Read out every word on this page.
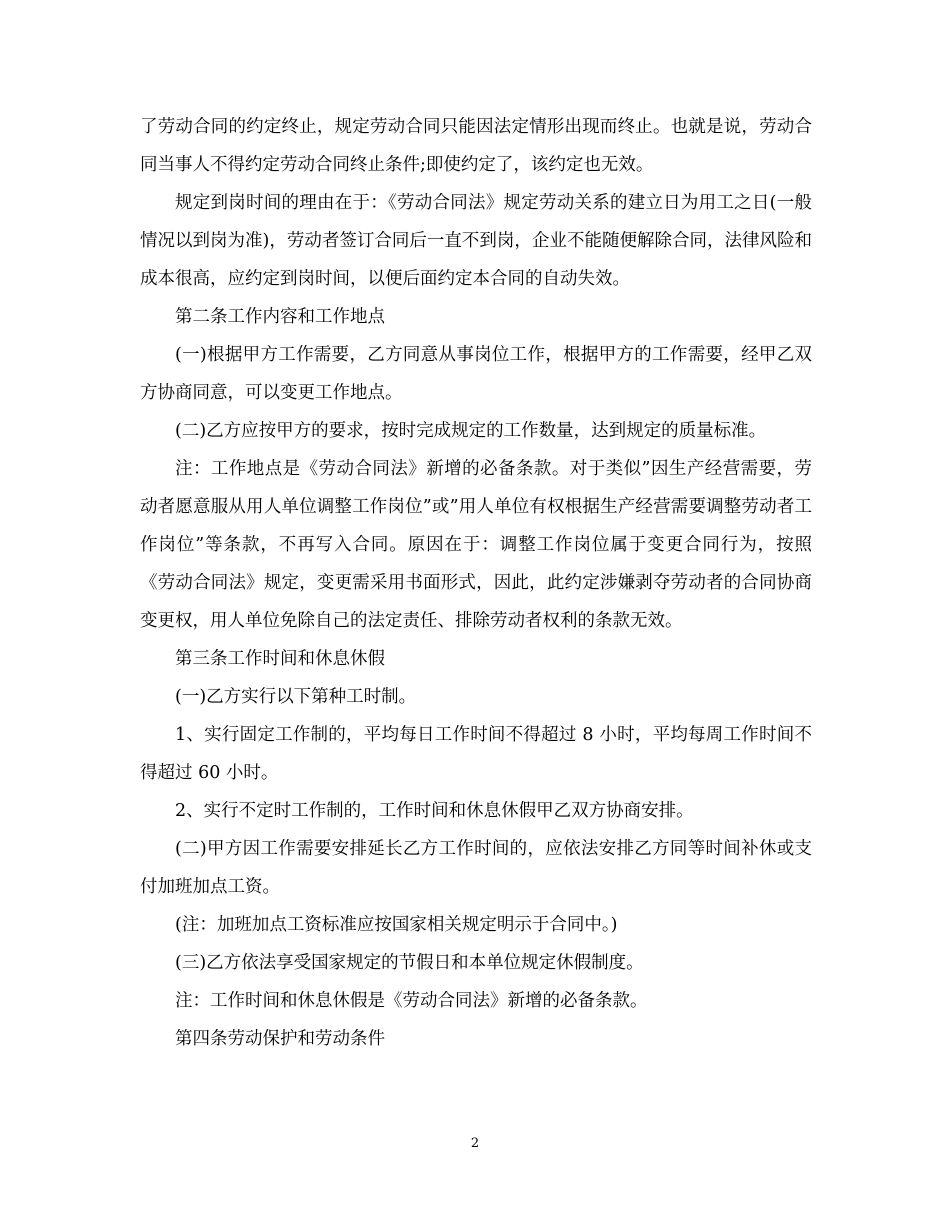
了劳动合同的约定终止，规定劳动合同只能因法定情形出现而终止。也就是说，劳动合同当事人不得约定劳动合同终止条件;即使约定了，该约定也无效。

规定到岗时间的理由在于：《劳动合同法》规定劳动关系的建立日为用工之日(一般情况以到岗为准)，劳动者签订合同后一直不到岗，企业不能随便解除合同，法律风险和成本很高，应约定到岗时间，以便后面约定本合同的自动失效。

第二条工作内容和工作地点

(一)根据甲方工作需要，乙方同意从事岗位工作，根据甲方的工作需要，经甲乙双方协商同意，可以变更工作地点。

(二)乙方应按甲方的要求，按时完成规定的工作数量，达到规定的质量标准。

注：工作地点是《劳动合同法》新增的必备条款。对于类似”因生产经营需要，劳动者愿意服从用人单位调整工作岗位”或”用人单位有权根据生产经营需要调整劳动者工作岗位”等条款，不再写入合同。原因在于：调整工作岗位属于变更合同行为，按照《劳动合同法》规定，变更需采用书面形式，因此，此约定涉嫌剥夺劳动者的合同协商变更权，用人单位免除自己的法定责任、排除劳动者权利的条款无效。

第三条工作时间和休息休假

(一)乙方实行以下第种工时制。

1、实行固定工作制的，平均每日工作时间不得超过 8 小时，平均每周工作时间不得超过 60 小时。

2、实行不定时工作制的，工作时间和休息休假甲乙双方协商安排。

(二)甲方因工作需要安排延长乙方工作时间的，应依法安排乙方同等时间补休或支付加班加点工资。

(注：加班加点工资标准应按国家相关规定明示于合同中。)

(三)乙方依法享受国家规定的节假日和本单位规定休假制度。

注：工作时间和休息休假是《劳动合同法》新增的必备条款。

第四条劳动保护和劳动条件

2
